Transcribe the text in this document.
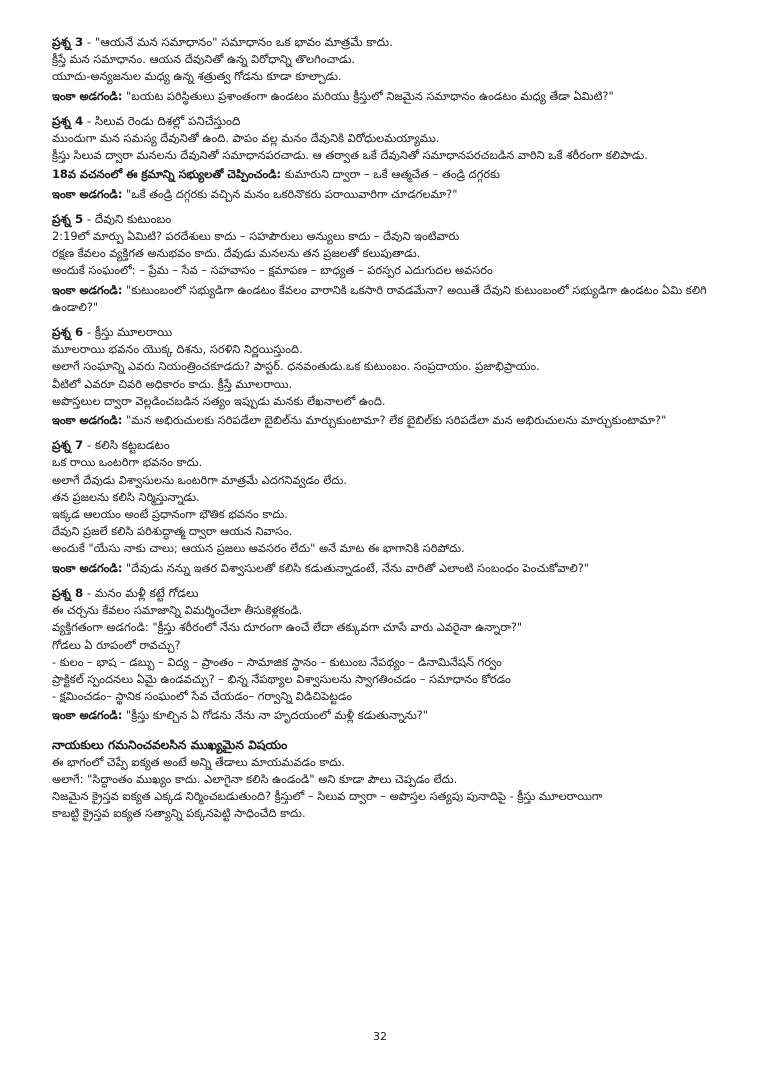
ప్రశ్న 3 - "ఆయనే మన సమాధానం" సమాధానం ఒక భావం మాత్రమే కాదు.

క్రీస్తే మన సమాధానం. ఆయన దేవునితో ఉన్న విరోధాన్ని తొలగించాడు.

యూదు-అన్యజనుల మధ్య ఉన్న శత్రుత్వ గోడను కూడా కూల్చాడు.

ఇంకా అడగండి: "బయట పరిస్థితులు ప్రశాంతంగా ఉండటం మరియు క్రీస్తులో నిజమైన సమాధానం ఉండటం మధ్య తేడా ఏమిటి?"

ప్రశ్న 4 - సిలువ రెండు దిశల్లో పనిచేస్తుంది

ముందుగా మన సమస్య దేవునితో ఉంది. పాపం వల్ల మనం దేవునికి విరోధులమయ్యాము.

క్రీస్తు సిలువ ద్వారా మనలను దేవునితో సమాధానపరచాడు. ఆ తర్వాత ఒకే దేవునితో సమాధానపరచబడిన వారిని ఒకే శరీరంగా కలిపాడు.

18వ వచనంలో ఈ క్రమాన్ని సభ్యులతో చెప్పించండి: కుమారుని ద్వారా – ఒకే ఆత్మచేత – తండ్రి దగ్గరకు

ఇంకా అడగండి: "ఒకే తండ్రి దగ్గరకు వచ్చిన మనం ఒకరినొకరు పరాయివారిగా చూడగలమా?"

ప్రశ్న 5 - దేవుని కుటుంబం

2:19లో మార్పు ఏమిటి? పరదేశులు కాదు – సహపౌరులు అన్యులు కాదు – దేవుని ఇంటివారు

రక్షణ కేవలం వ్యక్తిగత అనుభవం కాదు. దేవుడు మనలను తన ప్రజలతో కలుపుతాడు.

అందుకే సంఘంలో: – ప్రేమ – సేవ – సహవాసం – క్షమాపణ – బాధ్యత – పరస్పర ఎదుగుదల అవసరం

ఇంకా అడగండి: "కుటుంబంలో సభ్యుడిగా ఉండటం కేవలం వారానికి ఒకసారి రావడమేనా? అయితే దేవుని కుటుంబంలో సభ్యుడిగా ఉండటం ఏమి కలిగి ఉండాలి?"

ప్రశ్న 6 - క్రీస్తు మూలరాయి

మూలరాయి భవనం యొక్క దిశను, సరళిని నిర్ణయిస్తుంది.

అలాగే సంఘాన్ని ఎవరు నియంత్రించకూడదు? పాస్టర్. ధనవంతుడు.ఒక కుటుంబం. సంప్రదాయం. ప్రజాభిప్రాయం.

వీటిలో ఎవరూ చివరి అధికారం కాదు. క్రీస్తే మూలరాయి.

అపొస్తలుల ద్వారా వెల్లడించబడిన సత్యం ఇప్పుడు మనకు లేఖనాలలో ఉంది.

ఇంకా అడగండి: "మన అభిరుచులకు సరిపడేలా బైబిల్‌ను మార్చుకుంటామా? లేక బైబిల్‌కు సరిపడేలా మన అభిరుచులను మార్చుకుంటామా?"

ప్రశ్న 7 - కలిసి కట్టబడటం

ఒక రాయి ఒంటరిగా భవనం కాదు.

అలాగే దేవుడు విశ్వాసులను ఒంటరిగా మాత్రమే ఎదగనివ్వడం లేదు.

తన ప్రజలను కలిసి నిర్మిస్తున్నాడు.

ఇక్కడ ఆలయం అంటే ప్రధానంగా భౌతిక భవనం కాదు.

దేవుని ప్రజలే కలిసి పరిశుద్ధాత్మ ద్వారా ఆయన నివాసం.

అందుకే "యేసు నాకు చాలు; ఆయన ప్రజలు అవసరం లేదు" అనే మాట ఈ భాగానికి సరిపోదు.

ఇంకా అడగండి: "దేవుడు నన్ను ఇతర విశ్వాసులతో కలిసి కడుతున్నాడంటే, నేను వారితో ఎలాంటి సంబంధం పెంచుకోవాలి?"

ప్రశ్న 8 - మనం మళ్లీ కట్టే గోడలు

ఈ చర్చను కేవలం సమాజాన్ని విమర్శించేలా తీసుకెళ్లకండి.

వ్యక్తిగతంగా అడగండి: "క్రీస్తు శరీరంలో నేను దూరంగా ఉంచే లేదా తక్కువగా చూసే వారు ఎవరైనా ఉన్నారా?"

గోడలు ఏ రూపంలో రావచ్చు?

- కులం – భాష – డబ్బు – విద్య – ప్రాంతం – సామాజిక స్థానం – కుటుంబ నేపథ్యం – డినామినేషన్ గర్వం

ప్రాక్టికల్ స్పందనలు ఏమై ఉండవచ్చు? – భిన్న నేపథ్యాల విశ్వాసులను స్వాగతించడం – సమాధానం కోరడం

- క్షమించడం– స్థానిక సంఘంలో సేవ చేయడం– గర్వాన్ని విడిచిపెట్టడం

ఇంకా అడగండి: "క్రీస్తు కూల్చిన ఏ గోడను నేను నా హృదయంలో మళ్లీ కడుతున్నాను?"

నాయకులు గమనించవలసిన ముఖ్యమైన విషయం

ఈ భాగంలో చెప్పే ఐక్యత అంటే అన్ని తేడాలు మాయమవడం కాదు.

అలాగే: "సిద్ధాంతం ముఖ్యం కాదు. ఎలాగైనా కలిసి ఉండండి" అని కూడా పౌలు చెప్పడం లేదు.

నిజమైన క్రైస్తవ ఐక్యత ఎక్కడ నిర్మించబడుతుంది? క్రీస్తులో – సిలువ ద్వారా – అపొస్తల సత్యపు పునాదిపై - క్రీస్తు మూలరాయిగా

కాబట్టి క్రైస్తవ ఐక్యత సత్యాన్ని పక్కనపెట్టి సాధించేది కాదు.

32
